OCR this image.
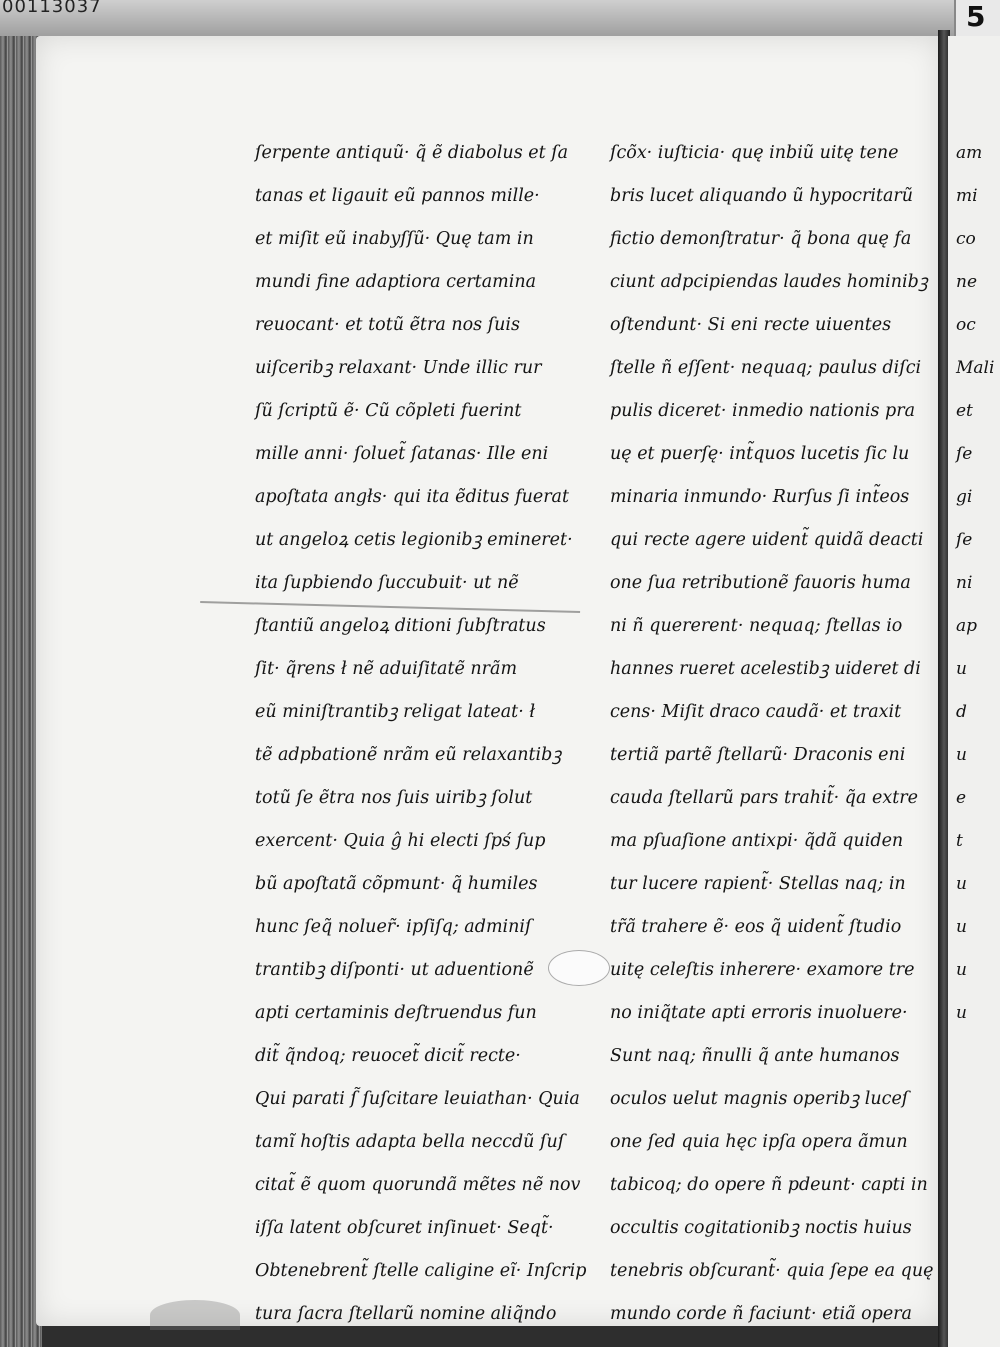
00113037	5
ſerpente antiquũ· q̃ ẽ diabolus et ſa
tanas et ligauit eũ pannos mille·
et miſit eũ inabyſſũ· Quę tam in
mundi fine adaptiora certamina
reuocant· et totũ ẽtra nos ſuis
uiſceribꝫ relaxant· Unde illic rur
ſũ ſcriptũ ẽ· Cũ cõpleti fuerint
mille anni· ſoluet̃ ſatanas· Ille eni
apoſtata angłs· qui ita ẽditus fuerat
ut angeloꝝ cetis legionibꝫ emineret·
ita ſupbiendo ſuccubuit· ut nẽ
ſtantiũ angeloꝝ ditioni ſubſtratus
ſit· q̃rens ł nẽ aduiſitatẽ nrãm
eũ miniſtrantibꝫ religat lateat· ł
tẽ adpbationẽ nrãm eũ relaxantibꝫ
totũ ſe ẽtra nos ſuis uiribꝫ ſolut
exercent· Quia ĝ hi electi ſpś ſup
bũ apoſtatã cõpmunt· q̃ humiles
hunc ſeq̃ noluer̃· ipſiſq; adminiſ
trantibꝫ diſponti· ut aduentionẽ
apti certaminis deſtruendus fun
dit̃ q̃ndoq; reuocet̃ dicit̃ recte·
Qui parati ſ̃ ſuſcitare leuiathan· Quia
tamĩ hoſtis adapta bella neccdũ ſuſ
citat̃ ẽ quom quorundã mẽtes nẽ nov
iſſa latent obſcuret inſinuet· Seqt̃·
Obtenebrent̃ ſtelle caligine eĩ· Inſcrip
tura ſacra ſtellarũ nomine aliq̃ndo
ſcõx· iuſticia· quę inbiũ uitę tene
bris lucet aliquando ũ hypocritarũ
fictio demonſtratur· q̃ bona quę fa
ciunt adpcipiendas laudes hominibꝫ
oſtendunt· Si eni recte uiuentes
ſtelle ñ eſſent· nequaq; paulus diſci
pulis diceret· inmedio nationis pra
uę et puerſę· int̃quos lucetis ſic lu
minaria inmundo· Rurſus ſi int̃eos
qui recte agere uident̃ quidã deacti
one ſua retributionẽ fauoris huma
ni ñ quererent· nequaq; ſtellas io
hannes rueret acelestibꝫ uideret di
cens· Miſit draco caudã· et traxit
tertiã partẽ ſtellarũ· Draconis eni
cauda ſtellarũ pars trahit̃· q̃a extre
ma pſuaſione antixpi· q̃dã quiden
tur lucere rapient̃· Stellas naq; in
tr̃ã trahere ẽ· eos q̃ uident̃ ſtudio
uitę celeſtis inherere· examore tre
no iniq̃tate apti erroris inuoluere·
Sunt naq; ñnulli q̃ ante humanos
oculos uelut magnis operibꝫ luceſ
one ſed quia hęc ipſa opera ãmun
tabicoq; do opere ñ pdeunt· capti in
occultis cogitationibꝫ noctis huius
tenebris obſcurant̃· quia ſepe ea quę
mundo corde ñ faciunt· etiã opera
am
mi
co
ne
oc
Mali
et
ſe
gi
ſe
ni
ap
u
d
u
e
t
u
u
u
u
